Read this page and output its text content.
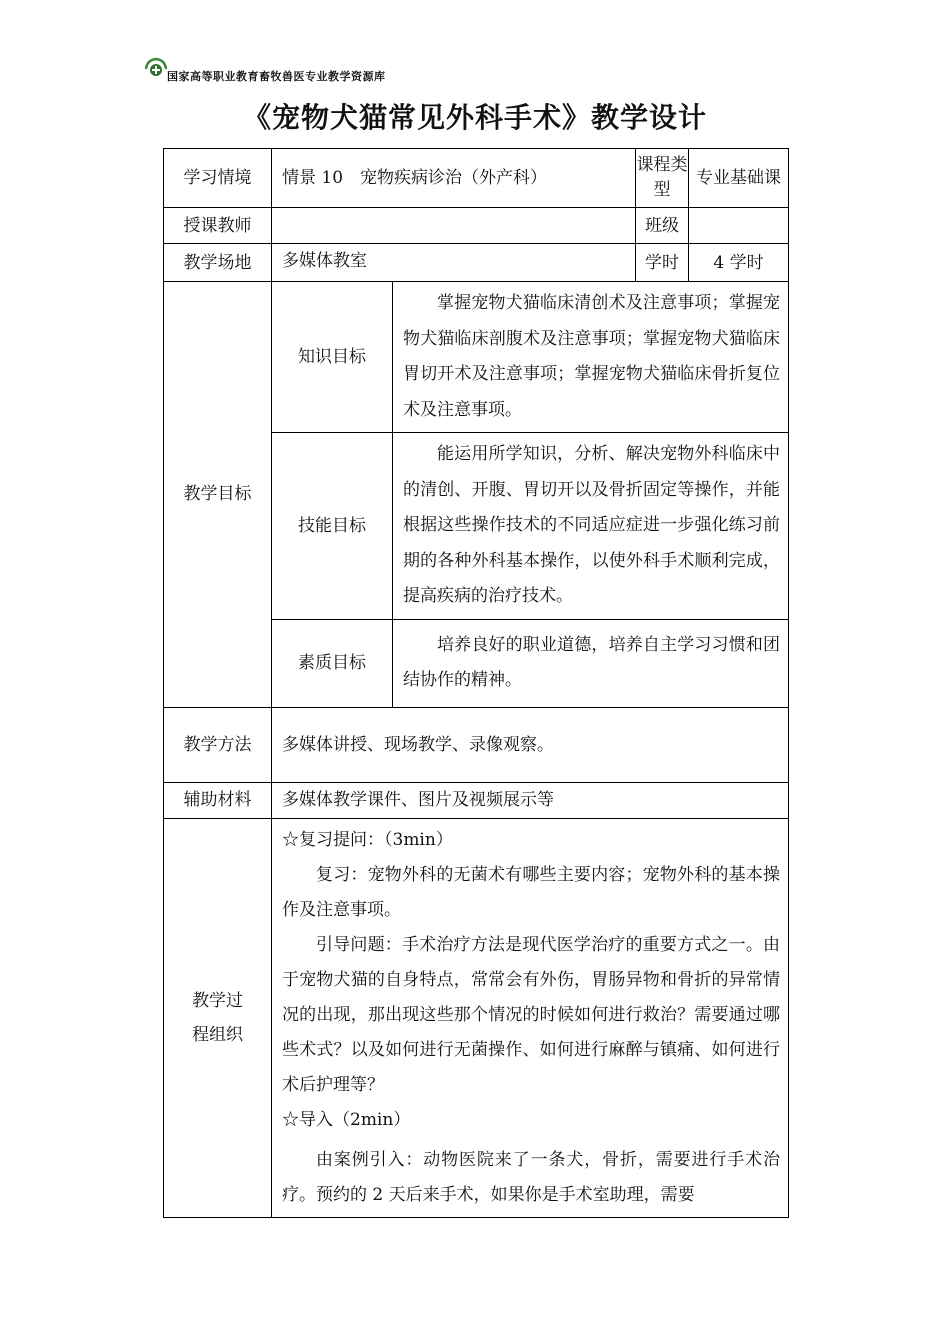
国家高等职业教育畜牧兽医专业教学资源库
《宠物犬猫常见外科手术》教学设计
学习情境	情景 10　宠物疾病诊治（外产科）		课程类型	专业基础课
授课教师			班级	
教学场地	多媒体教室		学时	4 学时
教学目标	知识目标	掌握宠物犬猫临床清创术及注意事项；掌握宠物犬猫临床剖腹术及注意事项；掌握宠物犬猫临床胃切开术及注意事项；掌握宠物犬猫临床骨折复位术及注意事项。		

	技能目标	能运用所学知识，分析、解决宠物外科临床中的清创、开腹、胃切开以及骨折固定等操作，并能根据这些操作技术的不同适应症进一步强化练习前期的各种外科基本操作，以使外科手术顺利完成，提高疾病的治疗技术。		

	素质目标	培养良好的职业道德，培养自主学习习惯和团结协作的精神。		

教学方法	多媒体讲授、现场教学、录像观察。			
辅助材料	多媒体教学课件、图片及视频展示等			
教学过程组织	☆复习提问：（3min）

复习：宠物外科的无菌术有哪些主要内容；宠物外科的基本操作及注意事项。

引导问题：手术治疗方法是现代医学治疗的重要方式之一。由于宠物犬猫的自身特点，常常会有外伤，胃肠异物和骨折的异常情况的出现，那出现这些那个情况的时候如何进行救治？需要通过哪些术式？以及如何进行无菌操作、如何进行麻醉与镇痛、如何进行术后护理等？

☆导入（2min）

由案例引入：动物医院来了一条犬，骨折，需要进行手术治疗。预约的 2 天后来手术，如果你是手术室助理，需要			
